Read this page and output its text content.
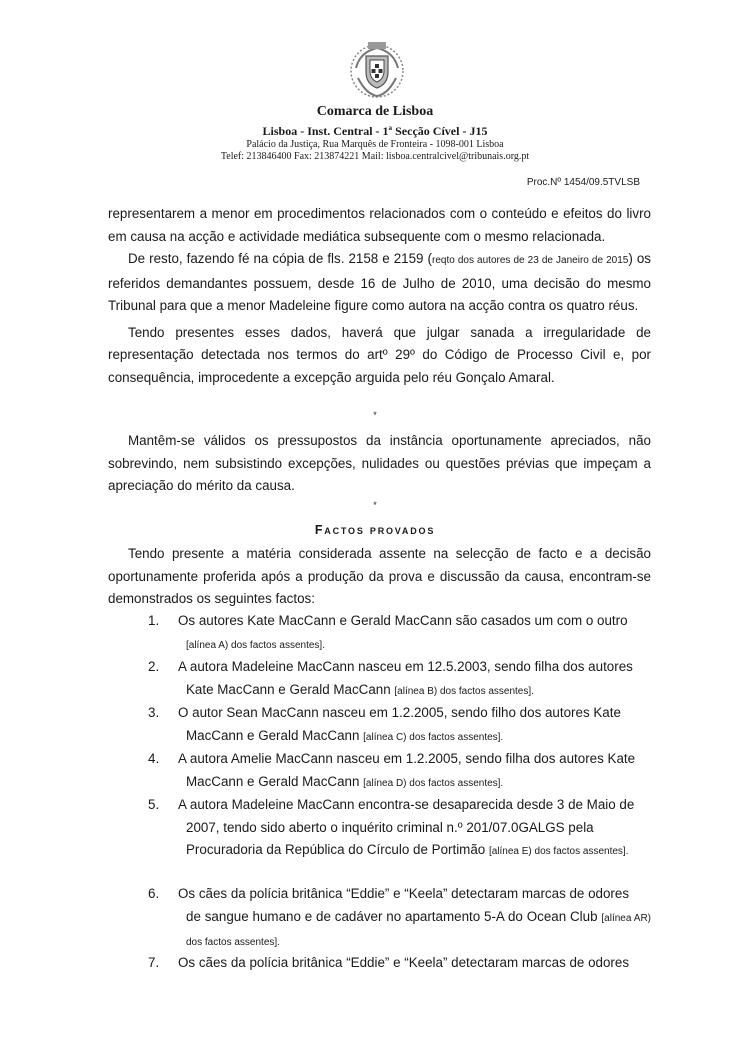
Comarca de Lisboa
Lisboa - Inst. Central - 1ª Secção Cível - J15
Palácio da Justiça, Rua Marquês de Fronteira - 1098-001 Lisboa
Telef: 213846400 Fax: 213874221 Mail: lisboa.centralcivel@tribunais.org.pt
Proc.Nº 1454/09.5TVLSB

representarem a menor em procedimentos relacionados com o conteúdo e efeitos do livro em causa na acção e actividade mediática subsequente com o mesmo relacionada.

De resto, fazendo fé na cópia de fls. 2158 e 2159 (reqto dos autores de 23 de Janeiro de 2015) os referidos demandantes possuem, desde 16 de Julho de 2010, uma decisão do mesmo Tribunal para que a menor Madeleine figure como autora na acção contra os quatro réus.

Tendo presentes esses dados, haverá que julgar sanada a irregularidade de representação detectada nos termos do artº 29º do Código de Processo Civil e, por consequência, improcedente a excepção arguida pelo réu Gonçalo Amaral.

*

Mantêm-se válidos os pressupostos da instância oportunamente apreciados, não sobrevindo, nem subsistindo excepções, nulidades ou questões prévias que impeçam a apreciação do mérito da causa.

*
Factos provados

Tendo presente a matéria considerada assente na selecção de facto e a decisão oportunamente proferida após a produção da prova e discussão da causa, encontram-se demonstrados os seguintes factos:

1. Os autores Kate MacCann e Gerald MacCann são casados um com o outro
[alínea A) dos factos assentes].
2. A autora Madeleine MacCann nasceu em 12.5.2003, sendo filha dos autores
Kate MacCann e Gerald MacCann [alínea B) dos factos assentes].
3. O autor Sean MacCann nasceu em 1.2.2005, sendo filho dos autores Kate
MacCann e Gerald MacCann [alínea C) dos factos assentes].
4. A autora Amelie MacCann nasceu em 1.2.2005, sendo filha dos autores Kate
MacCann e Gerald MacCann [alínea D) dos factos assentes].
5. A autora Madeleine MacCann encontra-se desaparecida desde 3 de Maio de
2007, tendo sido aberto o inquérito criminal n.º 201/07.0GALGS pela
Procuradoria da República do Círculo de Portimão [alínea E) dos factos assentes].
6. Os cães da polícia britânica “Eddie” e “Keela” detectaram marcas de odores
de sangue humano e de cadáver no apartamento 5-A do Ocean Club [alínea AR) dos factos assentes].
7. Os cães da polícia britânica “Eddie” e “Keela” detectaram marcas de odores
